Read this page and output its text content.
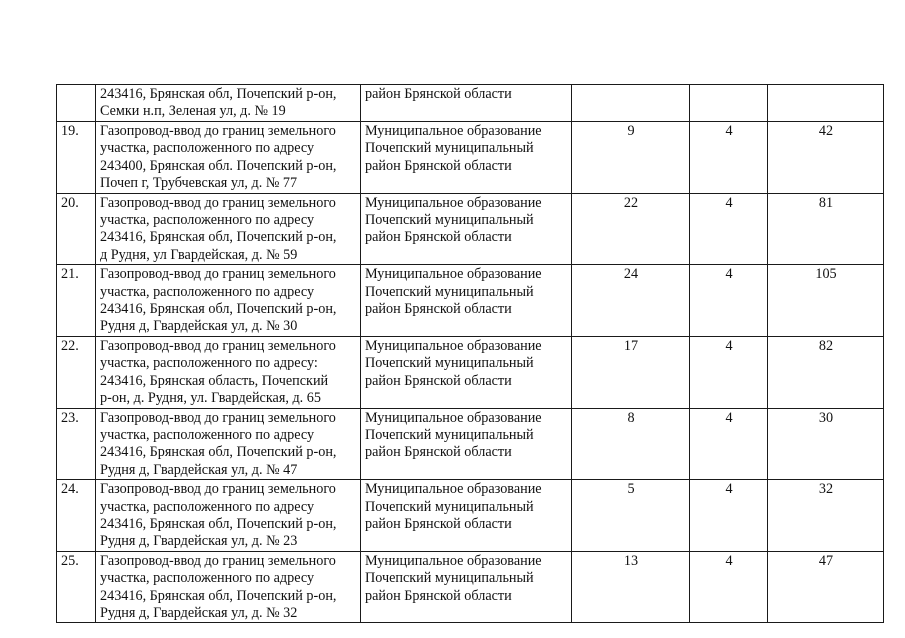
	243416, Брянская обл, Почепский р-он,
Семки н.п, Зеленая ул, д. № 19	район Брянской области			

19.	Газопровод-ввод до границ земельного
участка, расположенного по адресу
243400, Брянская обл. Почепский р-он,
Почеп г, Трубчевская ул, д. № 77	Муниципальное образование
Почепский муниципальный
район Брянской области	9	4	42
20.	Газопровод-ввод до границ земельного
участка, расположенного по адресу
243416, Брянская обл, Почепский р-он,
д Рудня, ул Гвардейская, д. № 59	Муниципальное образование
Почепский муниципальный
район Брянской области	22	4	81
21.	Газопровод-ввод до границ земельного
участка, расположенного по адресу
243416, Брянская обл, Почепский р-он,
Рудня д, Гвардейская ул, д. № 30	Муниципальное образование
Почепский муниципальный
район Брянской области	24	4	105
22.	Газопровод-ввод до границ земельного
участка, расположенного по адресу:
243416, Брянская область, Почепский
р-он, д. Рудня, ул. Гвардейская, д. 65	Муниципальное образование
Почепский муниципальный
район Брянской области	17	4	82
23.	Газопровод-ввод до границ земельного
участка, расположенного по адресу
243416, Брянская обл, Почепский р-он,
Рудня д, Гвардейская ул, д. № 47	Муниципальное образование
Почепский муниципальный
район Брянской области	8	4	30
24.	Газопровод-ввод до границ земельного
участка, расположенного по адресу
243416, Брянская обл, Почепский р-он,
Рудня д, Гвардейская ул, д. № 23	Муниципальное образование
Почепский муниципальный
район Брянской области	5	4	32
25.	Газопровод-ввод до границ земельного
участка, расположенного по адресу
243416, Брянская обл, Почепский р-он,
Рудня д, Гвардейская ул, д. № 32	Муниципальное образование
Почепский муниципальный
район Брянской области	13	4	47
